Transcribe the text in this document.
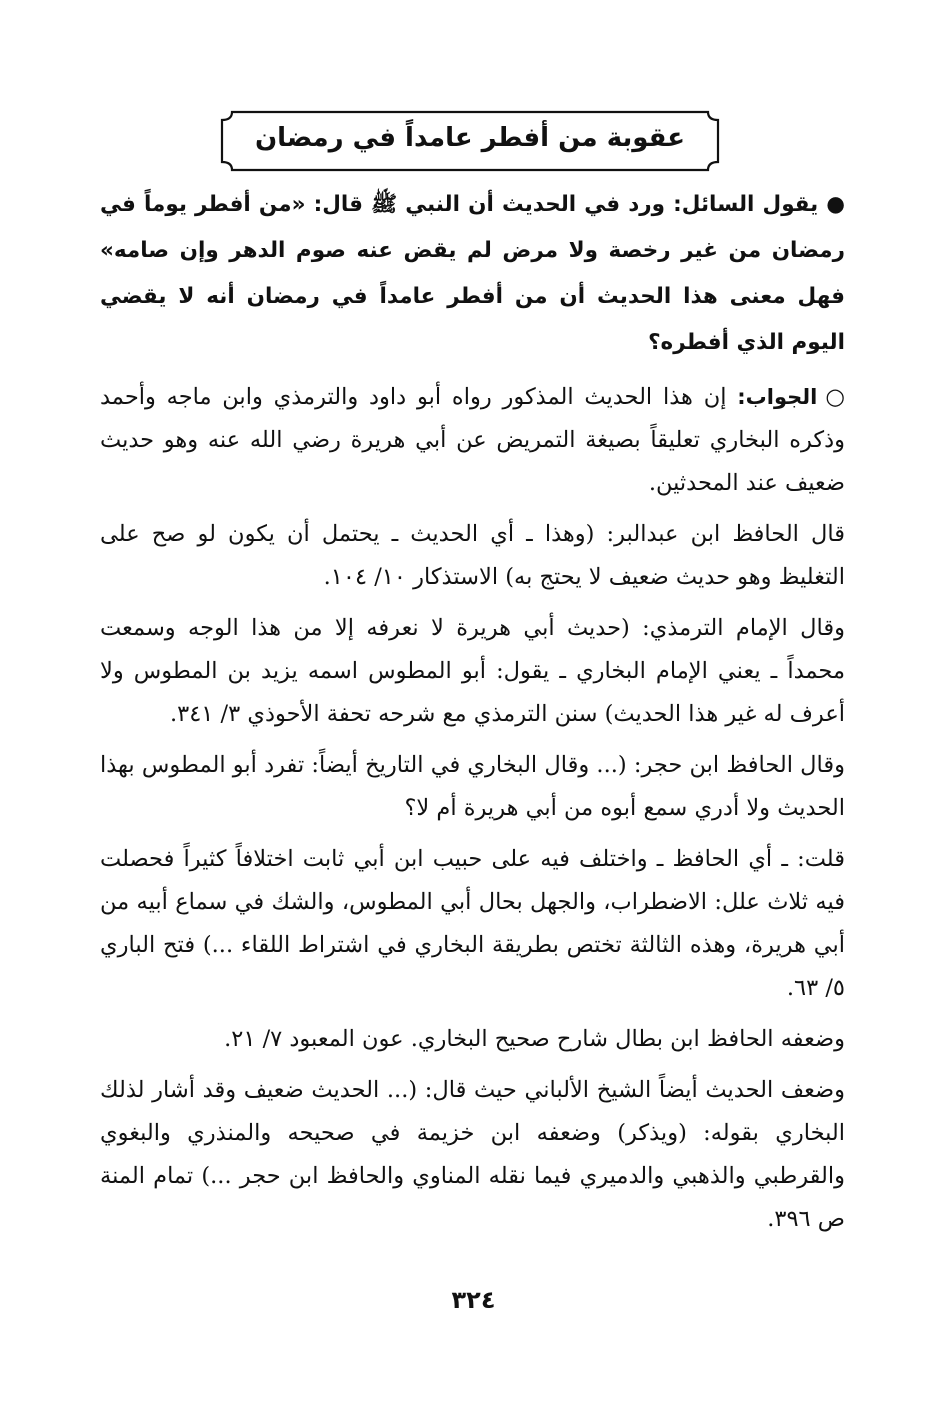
عقوبة من أفطر عامداً في رمضان

●يقول السائل: ورد في الحديث أن النبي ﷺ قال: «من أفطر يوماً في رمضان من غير رخصة ولا مرض لم يقض عنه صوم الدهر وإن صامه» فهل معنى هذا الحديث أن من أفطر عامداً في رمضان أنه لا يقضي اليوم الذي أفطره؟

○الجواب: إن هذا الحديث المذكور رواه أبو داود والترمذي وابن ماجه وأحمد وذكره البخاري تعليقاً بصيغة التمريض عن أبي هريرة رضي الله عنه وهو حديث ضعيف عند المحدثين.

قال الحافظ ابن عبدالبر: (وهذا ـ أي الحديث ـ يحتمل أن يكون لو صح على التغليظ وهو حديث ضعيف لا يحتج به) الاستذكار ١٠/ ١٠٤.

وقال الإمام الترمذي: (حديث أبي هريرة لا نعرفه إلا من هذا الوجه وسمعت محمداً ـ يعني الإمام البخاري ـ يقول: أبو المطوس اسمه يزيد بن المطوس ولا أعرف له غير هذا الحديث) سنن الترمذي مع شرحه تحفة الأحوذي ٣/ ٣٤١.

وقال الحافظ ابن حجر: (... وقال البخاري في التاريخ أيضاً: تفرد أبو المطوس بهذا الحديث ولا أدري سمع أبوه من أبي هريرة أم لا؟

قلت: ـ أي الحافظ ـ واختلف فيه على حبيب ابن أبي ثابت اختلافاً كثيراً فحصلت فيه ثلاث علل: الاضطراب، والجهل بحال أبي المطوس، والشك في سماع أبيه من أبي هريرة، وهذه الثالثة تختص بطريقة البخاري في اشتراط اللقاء ...) فتح الباري ٥/ ٦٣.

وضعفه الحافظ ابن بطال شارح صحيح البخاري. عون المعبود ٧/ ٢١.

وضعف الحديث أيضاً الشيخ الألباني حيث قال: (... الحديث ضعيف وقد أشار لذلك البخاري بقوله: (ويذكر) وضعفه ابن خزيمة في صحيحه والمنذري والبغوي والقرطبي والذهبي والدميري فيما نقله المناوي والحافظ ابن حجر ...) تمام المنة ص ٣٩٦.

٣٢٤
